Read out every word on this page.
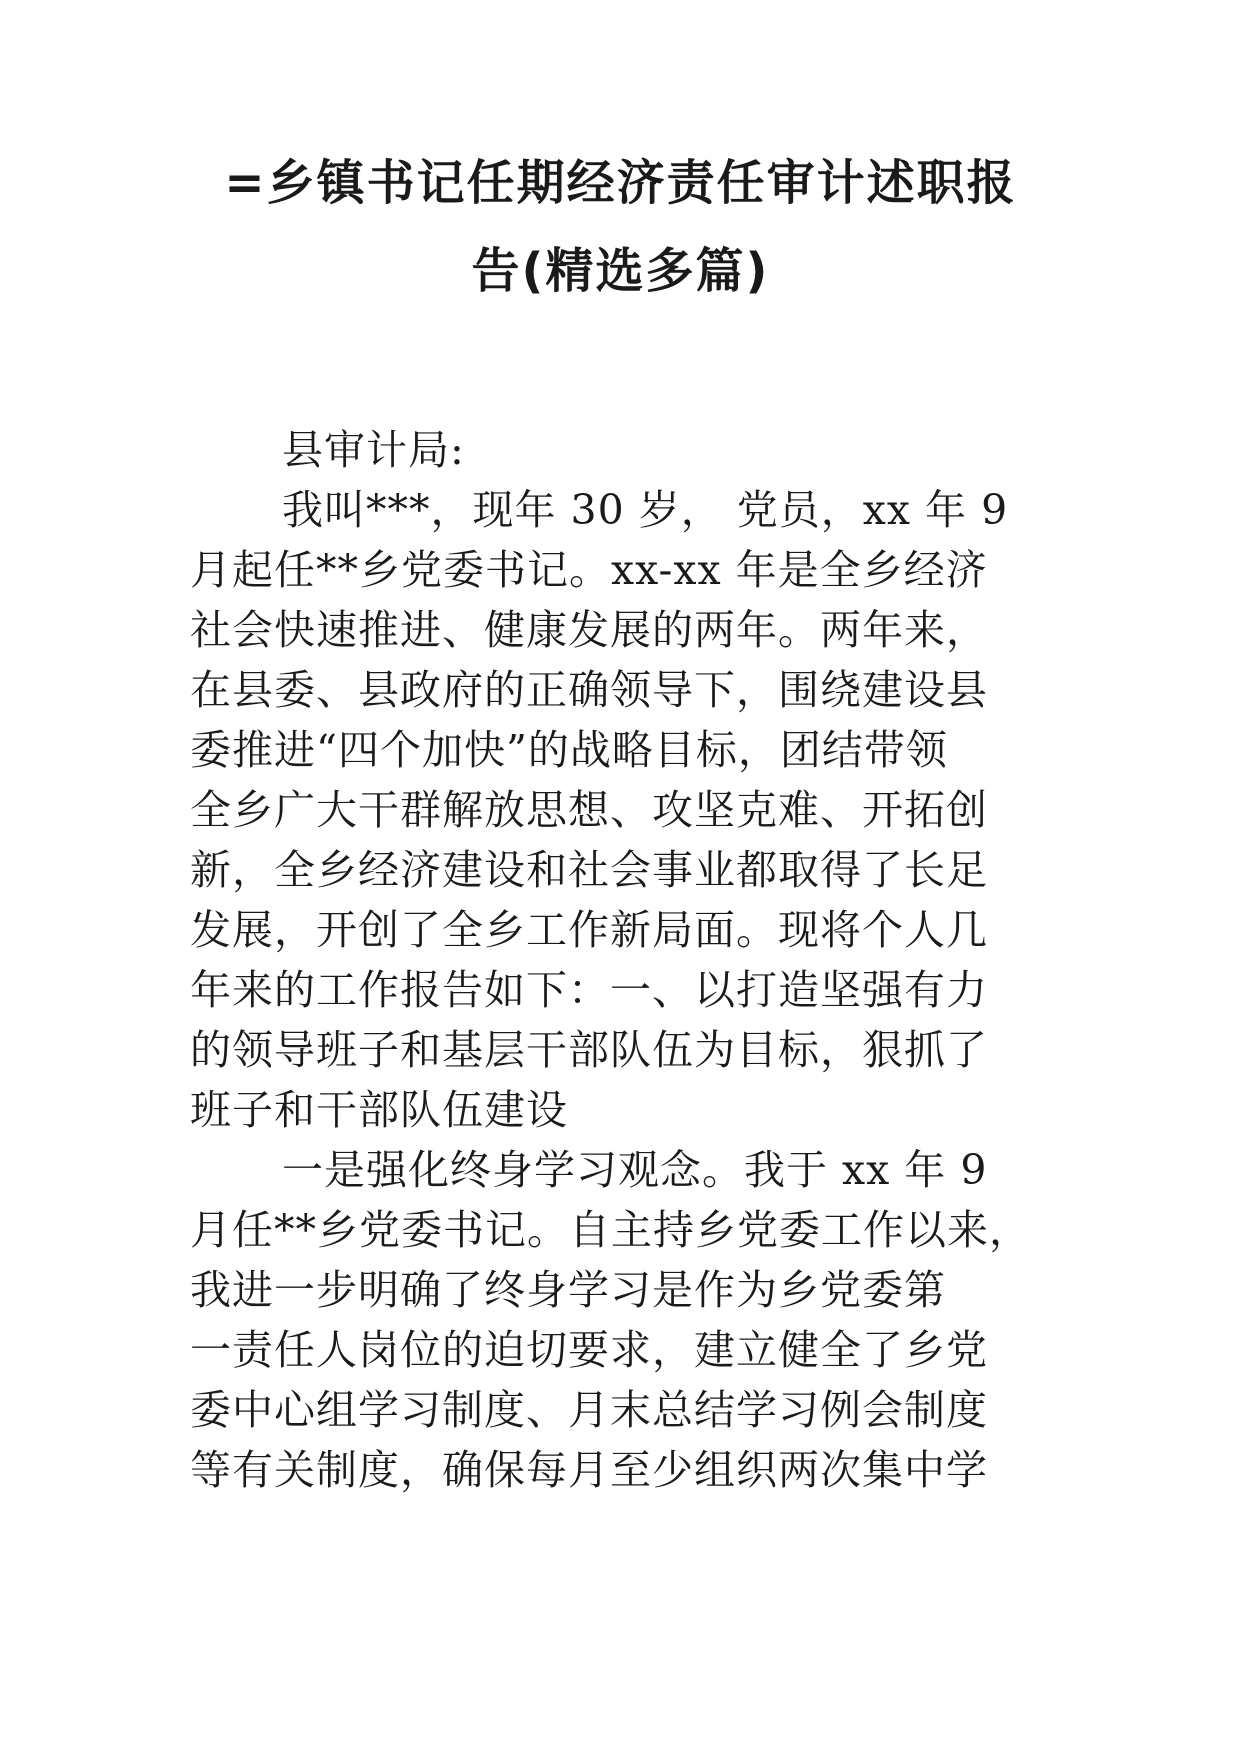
=乡镇书记任期经济责任审计述职报
告(精选多篇)
县审计局:
我叫***，现年 30 岁， 党员，xx 年 9
月起任**乡党委书记。xx-xx 年是全乡经济
社会快速推进、健康发展的两年。两年来，
在县委、县政府的正确领导下，围绕建设县
委推进“四个加快”的战略目标，团结带领
全乡广大干群解放思想、攻坚克难、开拓创
新，全乡经济建设和社会事业都取得了长足
发展，开创了全乡工作新局面。现将个人几
年来的工作报告如下：一、以打造坚强有力
的领导班子和基层干部队伍为目标，狠抓了
班子和干部队伍建设
一是强化终身学习观念。我于 xx 年 9
月任**乡党委书记。自主持乡党委工作以来，
我进一步明确了终身学习是作为乡党委第
一责任人岗位的迫切要求，建立健全了乡党
委中心组学习制度、月末总结学习例会制度
等有关制度，确保每月至少组织两次集中学
